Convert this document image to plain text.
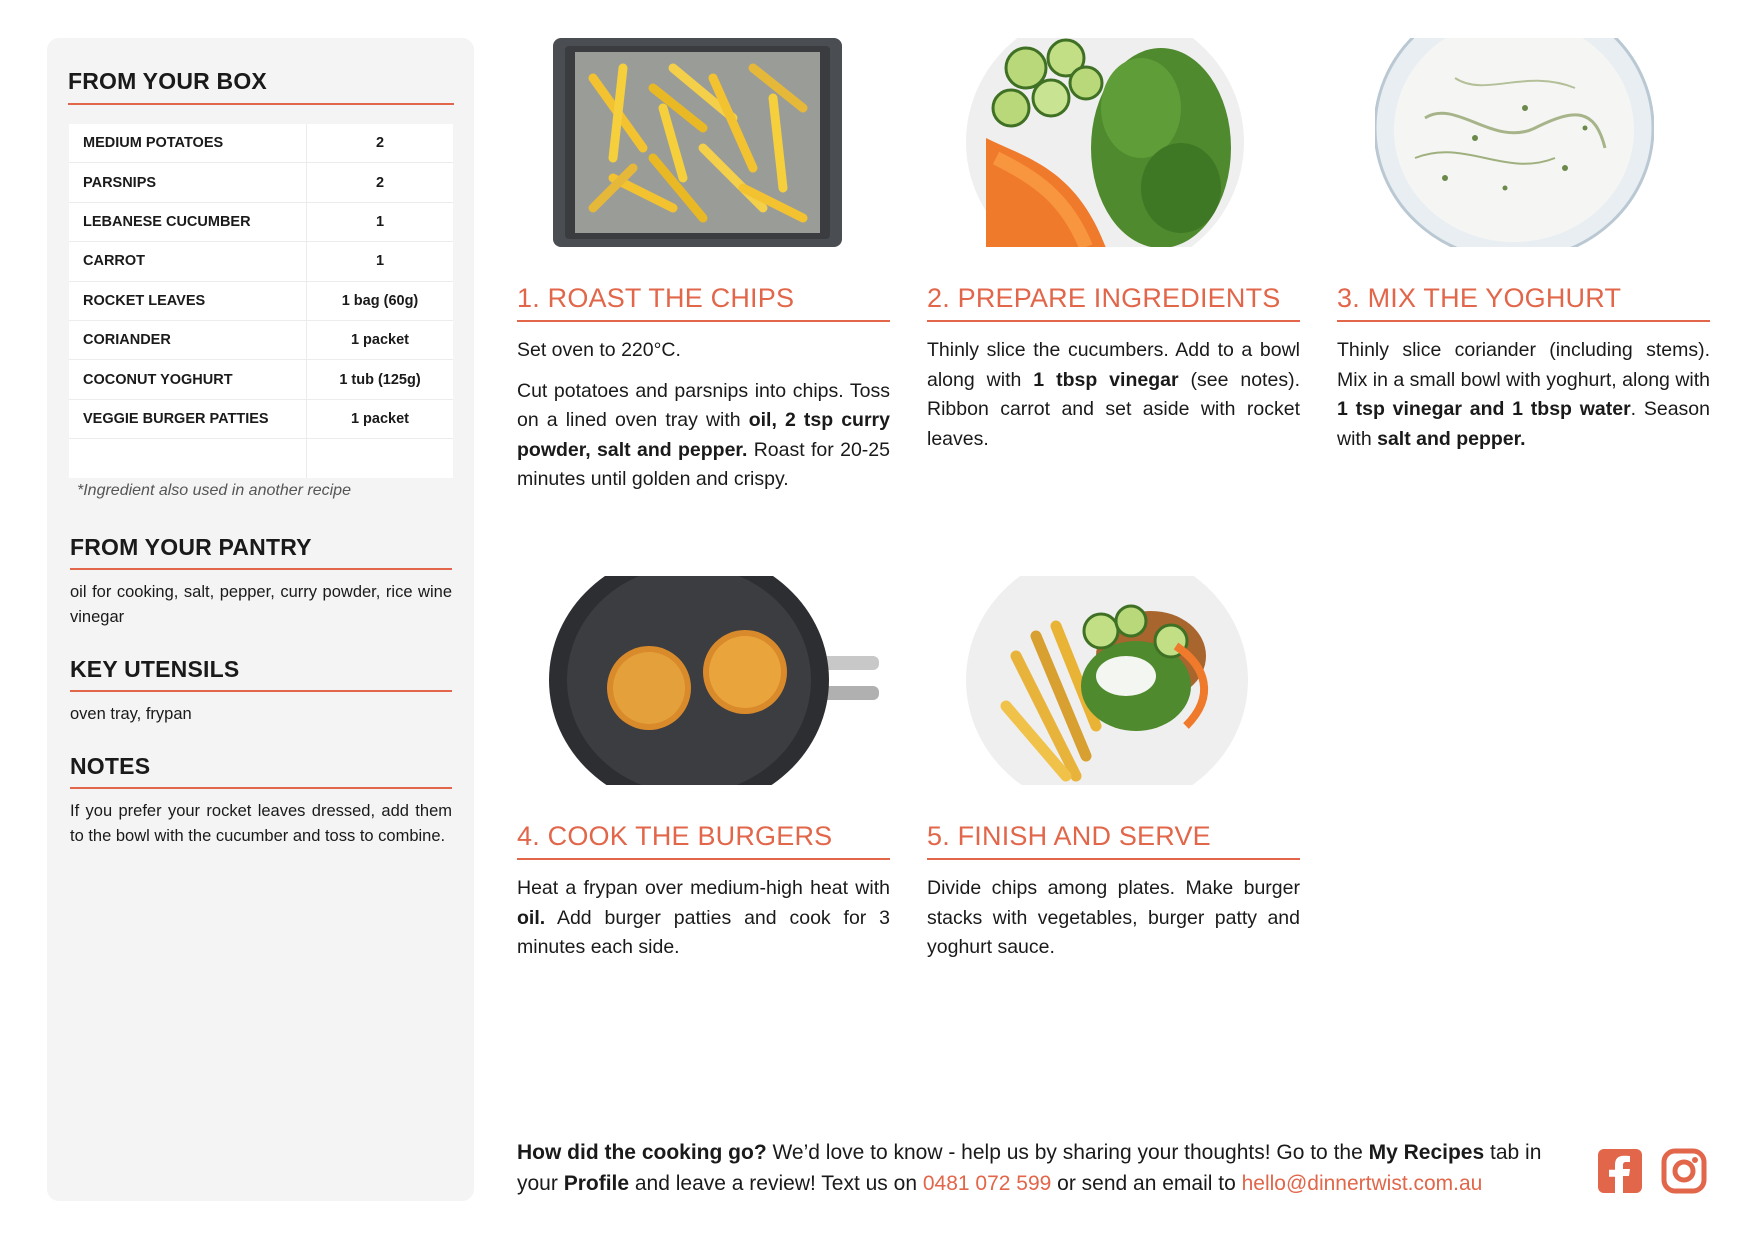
FROM YOUR BOX
MEDIUM POTATOES	2
PARSNIPS	2
LEBANESE CUCUMBER	1
CARROT	1
ROCKET LEAVES	1 bag (60g)
CORIANDER	1 packet
COCONUT YOGHURT	1 tub (125g)
VEGGIE BURGER PATTIES	1 packet
*Ingredient also used in another recipe
FROM YOUR PANTRY
oil for cooking, salt, pepper, curry powder, rice wine vinegar
KEY UTENSILS
oven tray, frypan
NOTES
If you prefer your rocket leaves dressed, add them to the bowl with the cucumber and toss to combine.
1. ROAST THE CHIPS

Set oven to 220°C.

Cut potatoes and parsnips into chips. Toss on a lined oven tray with oil, 2 tsp curry powder, salt and pepper. Roast for 20-25 minutes until golden and crispy.

2. PREPARE INGREDIENTS

Thinly slice the cucumbers. Add to a bowl along with 1 tbsp vinegar (see notes). Ribbon carrot and set aside with rocket leaves.

3. MIX THE YOGHURT

Thinly slice coriander (including stems). Mix in a small bowl with yoghurt, along with 1 tsp vinegar and 1 tbsp water. Season with salt and pepper.

4. COOK THE BURGERS

Heat a frypan over medium-high heat with oil. Add burger patties and cook for 3 minutes each side.

5. FINISH AND SERVE

Divide chips among plates. Make burger stacks with vegetables, burger patty and yoghurt sauce.

How did the cooking go? We’d love to know - help us by sharing your thoughts! Go to the My Recipes tab in your Profile and leave a review! Text us on 0481 072 599 or send an email to hello@dinnertwist.com.au
